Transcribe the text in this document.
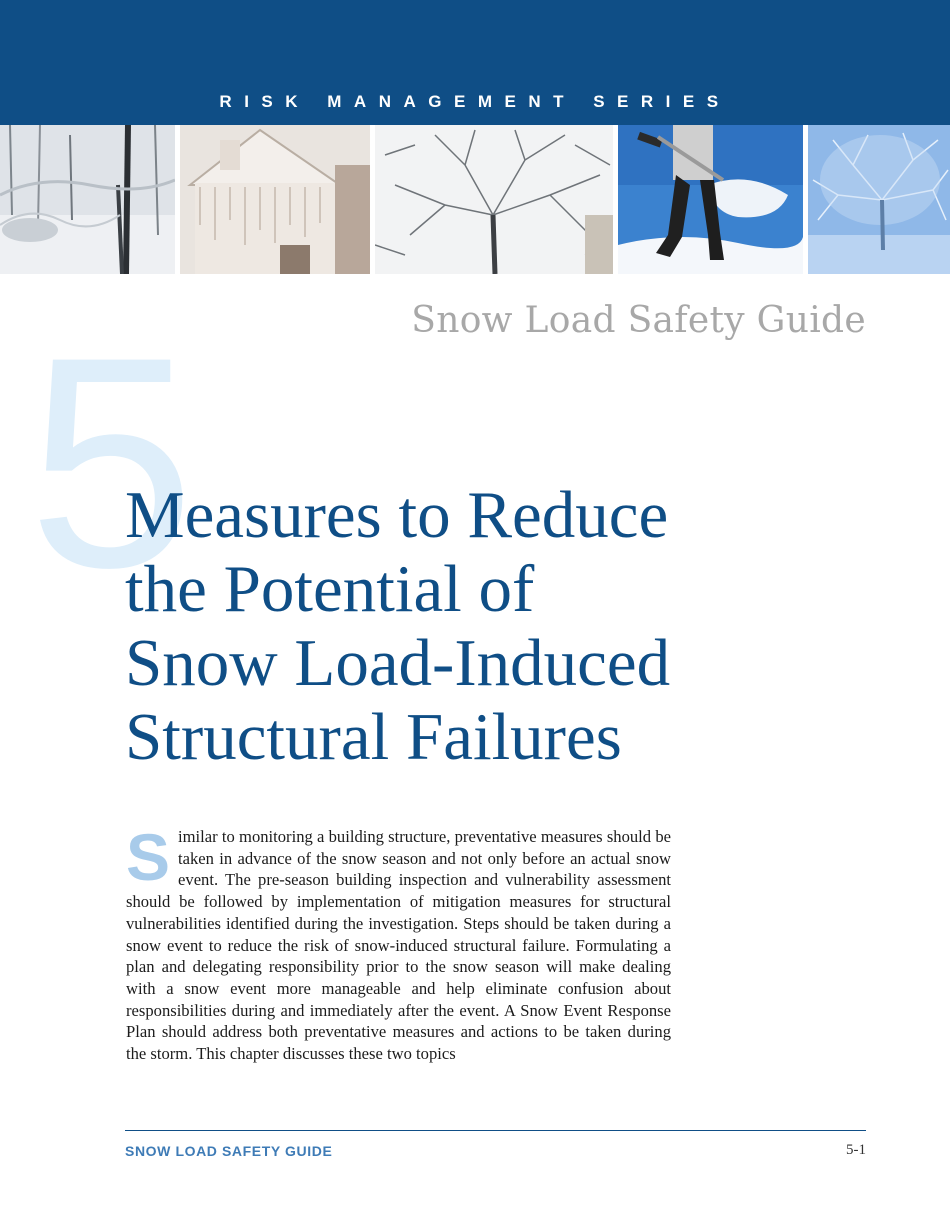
RISK MANAGEMENT SERIES
Snow Load Safety Guide
5
Measures to Reduce
the Potential of
Snow Load-Induced
Structural Failures

Similar to monitoring a building structure, preventative measures should be taken in advance of the snow season and not only before an actual snow event. The pre-season building inspection and vulnerability assessment should be followed by implementation of mitigation measures for structural vulnerabilities identified during the investigation. Steps should be taken during a snow event to reduce the risk of snow-induced structural failure. Formulating a plan and delegating responsibility prior to the snow season will make dealing with a snow event more manageable and help eliminate confusion about responsibilities during and immediately after the event. A Snow Event Response Plan should address both preventative measures and actions to be taken during the storm. This chapter discusses these two topics

SNOW LOAD SAFETY GUIDE	5-1
